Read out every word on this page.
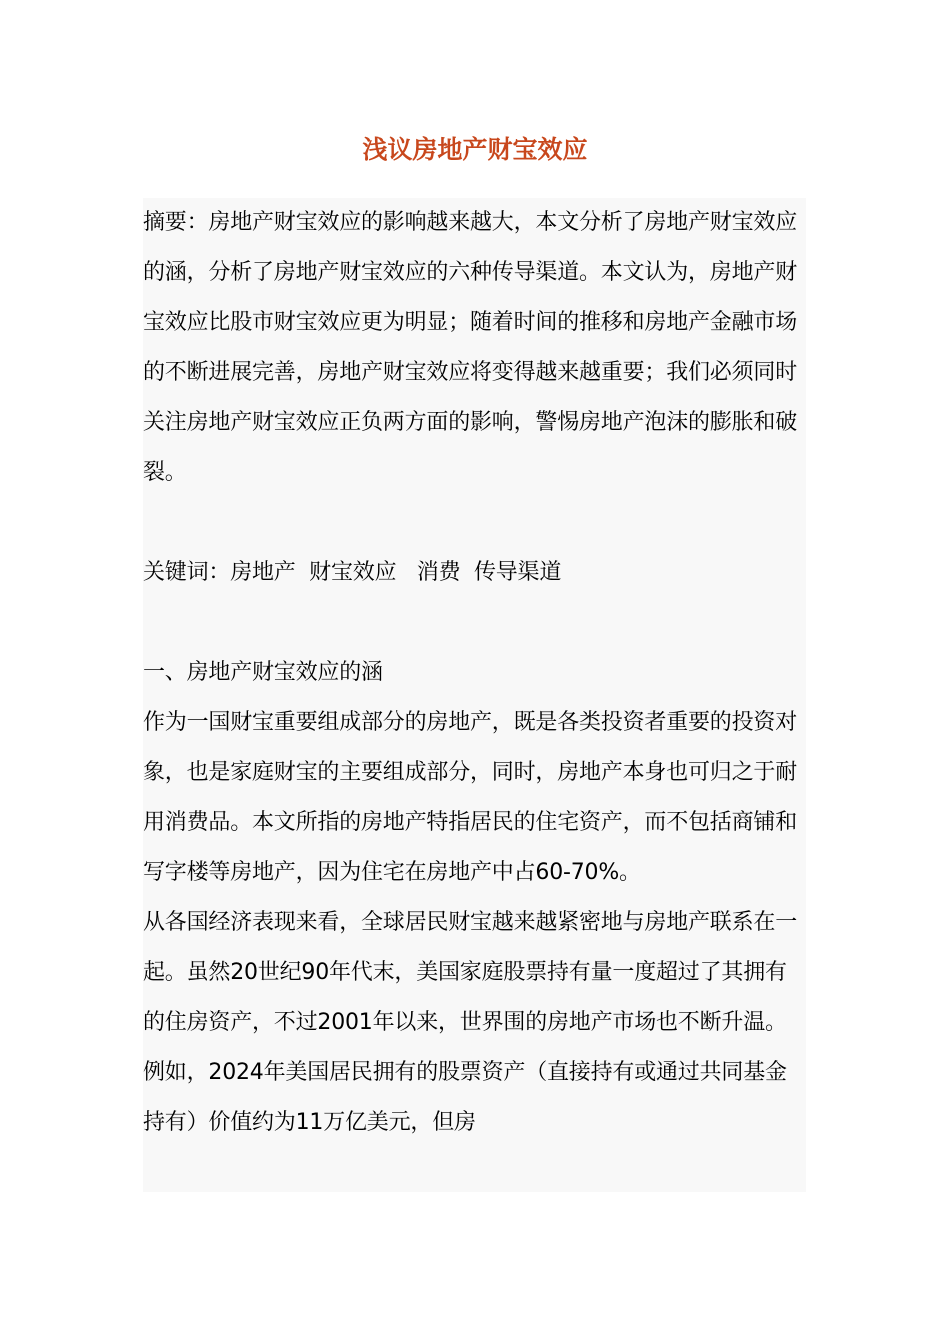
浅议房地产财宝效应

摘要：房地产财宝效应的影响越来越大，本文分析了房地产财宝效应的涵，分析了房地产财宝效应的六种传导渠道。本文认为，房地产财宝效应比股市财宝效应更为明显；随着时间的推移和房地产金融市场的不断进展完善，房地产财宝效应将变得越来越重要；我们必须同时关注房地产财宝效应正负两方面的影响，警惕房地产泡沫的膨胀和破裂。

关键词：房地产  财宝效应   消费  传导渠道

一、房地产财宝效应的涵

作为一国财宝重要组成部分的房地产，既是各类投资者重要的投资对象，也是家庭财宝的主要组成部分，同时，房地产本身也可归之于耐用消费品。本文所指的房地产特指居民的住宅资产，而不包括商铺和写字楼等房地产，因为住宅在房地产中占60-70%。

从各国经济表现来看，全球居民财宝越来越紧密地与房地产联系在一起。虽然20世纪90年代末，美国家庭股票持有量一度超过了其拥有的住房资产，不过2001年以来，世界围的房地产市场也不断升温。例如，2024年美国居民拥有的股票资产（直接持有或通过共同基金持有）价值约为11万亿美元，但房
